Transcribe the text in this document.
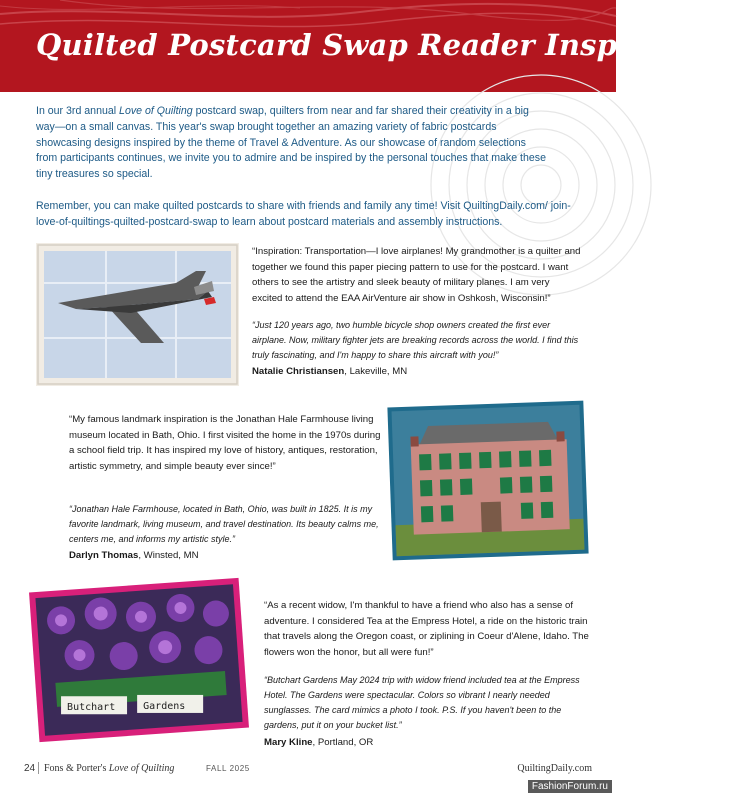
Quilted Postcard Swap Reader Inspiration

In our 3rd annual Love of Quilting postcard swap, quilters from near and far shared their creativity in a big way—on a small canvas. This year's swap brought together an amazing variety of fabric postcards showcasing designs inspired by the theme of Travel & Adventure. As our showcase of random selections from participants continues, we invite you to admire and be inspired by the personal touches that make these tiny treasures so special.

Remember, you can make quilted postcards to share with friends and family any time! Visit QuiltingDaily.com/ join-love-of-quiltings-quilted-postcard-swap to learn about postcard materials and assembly instructions.

“Inspiration: Transportation—I love airplanes! My grandmother is a quilter and together we found this paper piecing pattern to use for the postcard. I want others to see the artistry and sleek beauty of military planes. I am very excited to attend the EAA AirVenture air show in Oshkosh, Wisconsin!”

“Just 120 years ago, two humble bicycle shop owners created the first ever airplane. Now, military fighter jets are breaking records across the world. I find this truly fascinating, and I'm happy to share this aircraft with you!”

Natalie Christiansen, Lakeville, MN

“My famous landmark inspiration is the Jonathan Hale Farmhouse living museum located in Bath, Ohio. I first visited the home in the 1970s during a school field trip. It has inspired my love of history, antiques, restoration, artistic symmetry, and simple beauty ever since!”

“Jonathan Hale Farmhouse, located in Bath, Ohio, was built in 1825. It is my favorite landmark, living museum, and travel destination. Its beauty calms me, centers me, and informs my artistic style.”

Darlyn Thomas, Winsted, MN

Butchart	Gardens

“As a recent widow, I'm thankful to have a friend who also has a sense of adventure. I considered Tea at the Empress Hotel, a ride on the historic train that travels along the Oregon coast, or ziplining in Coeur d'Alene, Idaho. The flowers won the honor, but all were fun!”

“Butchart Gardens May 2024 trip with widow friend included tea at the Empress Hotel. The Gardens were spectacular. Colors so vibrant I nearly needed sunglasses. The card mimics a photo I took. P.S. If you haven't been to the gardens, put it on your bucket list.”

Mary Kline, Portland, OR

24 Fons & Porter's Love of Quilting	FALL 2025	QuiltingDaily.com
FashionForum.ru
